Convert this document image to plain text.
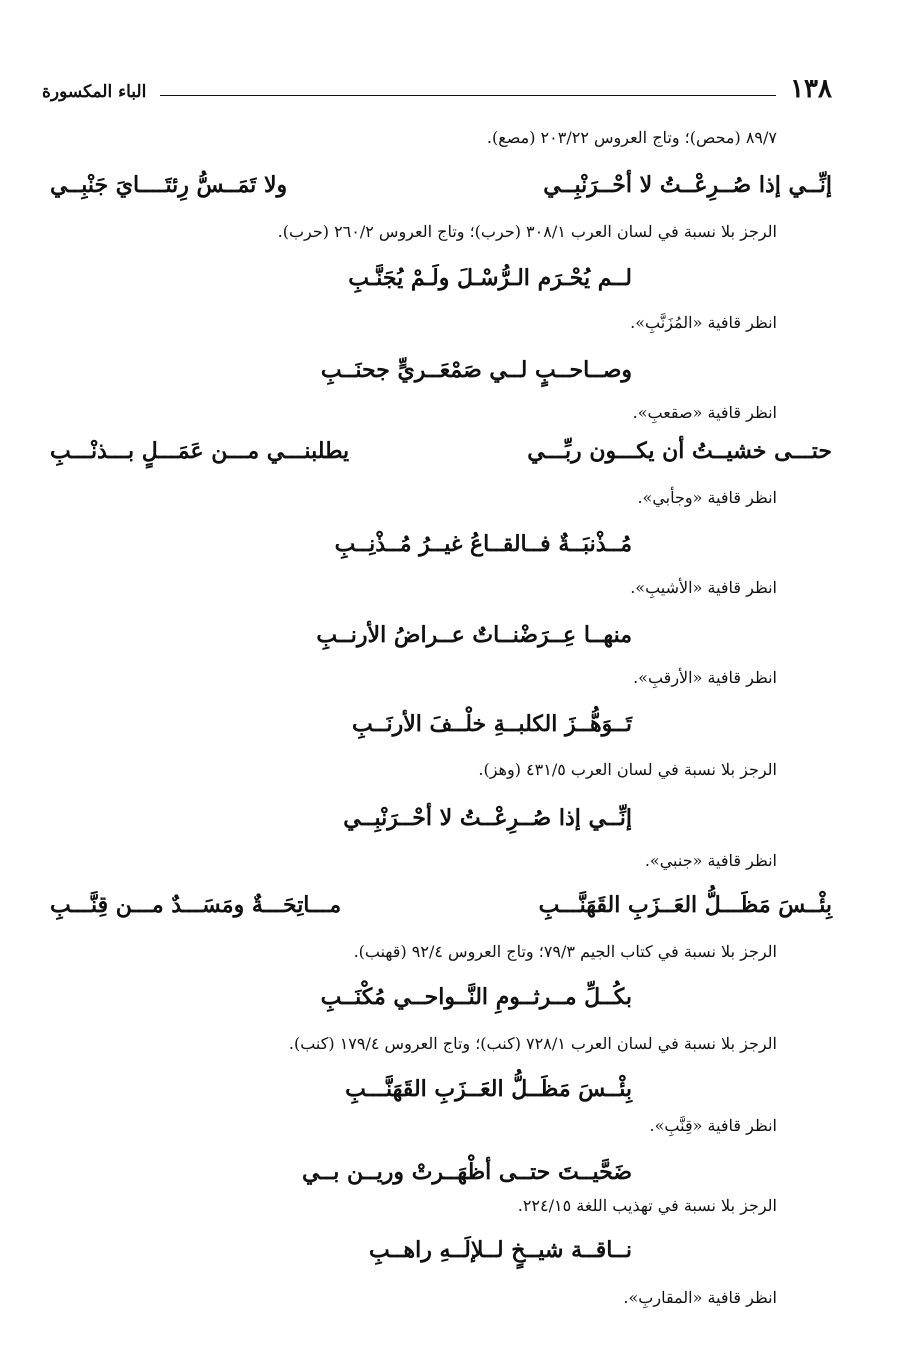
١٣٨
الباء المكسورة
٨٩/٧ (محص)؛ وتاج العروس ٢٠٣/٢٢ (مصع).
إنِّــي إذا صُــرِعْــتُ لا أحْــرَنْبِــي
ولا تَمَــسُّ رِئتَــــايَ جَنْبِــي
الرجز بلا نسبة في لسان العرب ٣٠٨/١ (حرب)؛ وتاج العروس ٢٦٠/٢ (حرب).
لــم يُحْـرَم الـرُّسْـلَ ولَـمْ يُجَنَّـبِ
انظر قافية «المُزَنَّبِ».
وصــاحــبٍ لــي صَمْعَــريٍّ جحنَــبِ
انظر قافية «صقعبِ».
حتـــى خشيــتُ أن يكـــون ربِّـــي
يطلبنـــي مـــن عَمَـــلٍ بـــذنْـــبِ
انظر قافية «وجأبي».
مُــذْنبَــةٌ فــالقــاعُ غيــرُ مُــذْنِــبِ
انظر قافية «الأشيبِ».
منهــا عِــرَضْنــاتٌ عــراضُ الأرنــبِ
انظر قافية «الأرقبِ».
تَــوَهُّــزَ الكلبــةِ خلْــفَ الأرنَــبِ
الرجز بلا نسبة في لسان العرب ٤٣١/٥ (وهز).
إنِّــي إذا صُــرِعْــتُ لا أحْــرَنْبِــي
انظر قافية «جنبي».
بِئْــسَ مَظَـــلُّ العَــزَبِ القَهَنَّـــبِ
مـــاتِحَـــةٌ ومَسَـــدٌ مـــن قِنَّـــبِ
الرجز بلا نسبة في كتاب الجيم ٧٩/٣؛ وتاج العروس ٩٢/٤ (قهنب).
بكُــلِّ مــرثــومِ النَّــواحــي مُكْنَــبِ
الرجز بلا نسبة في لسان العرب ٧٢٨/١ (كنب)؛ وتاج العروس ١٧٩/٤ (كنب).
بِئْــسَ مَظَــلُّ العَــزَبِ القَهَنَّـــبِ
انظر قافية «قِنَّبِ».
ضَحَّيــتَ حتــى أظْهَــرتْ وريــن بــي
الرجز بلا نسبة في تهذيب اللغة ٢٢٤/١٥.
نــاقــة شيــخٍ لــلإلَــهِ راهــبِ
انظر قافية «المقاربِ».
